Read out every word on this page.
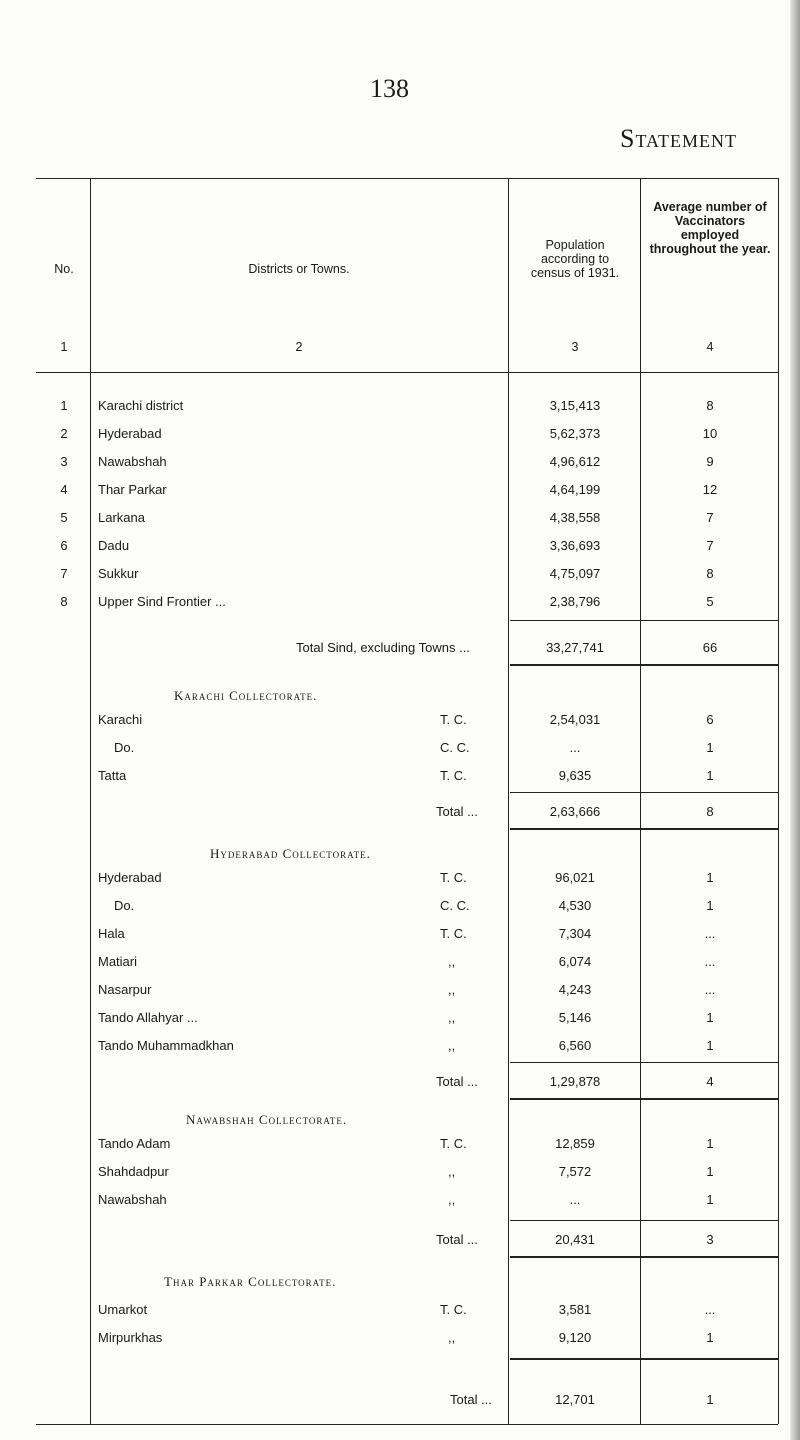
138
Statement
No.	Districts or Towns.
Population according to census of 1931.
Average number of Vaccinators employed throughout the year.
1	2	3	4
1	Karachi district	3,15,413	8
2	Hyderabad	5,62,373	10
3	Nawabshah	4,96,612	9
4	Thar Parkar	4,64,199	12
5	Larkana	4,38,558	7
6	Dadu	3,36,693	7
7	Sukkur	4,75,097	8
8	Upper Sind Frontier ...	2,38,796	5
Total Sind, excluding Towns ...	33,27,741	66
Karachi Collectorate.
Karachi	T. C.	2,54,031	6
Do.	C. C.	...	1
Tatta	T. C.	9,635	1
Total ...	2,63,666	8
Hyderabad Collectorate.
Hyderabad	T. C.	96,021	1
Do.	C. C.	4,530	1
Hala	T. C.	7,304	...
Matiari	,,	6,074	...
Nasarpur	,,	4,243	...
Tando Allahyar ...	,,	5,146	1
Tando Muhammadkhan	,,	6,560	1
Total ...	1,29,878	4
Nawabshah Collectorate.
Tando Adam	T. C.	12,859	1
Shahdadpur	,,	7,572	1
Nawabshah	,,	...	1
Total ...	20,431	3
Thar Parkar Collectorate.
Umarkot	T. C.	3,581	...
Mirpurkhas	,,	9,120	1
Total ...	12,701	1
